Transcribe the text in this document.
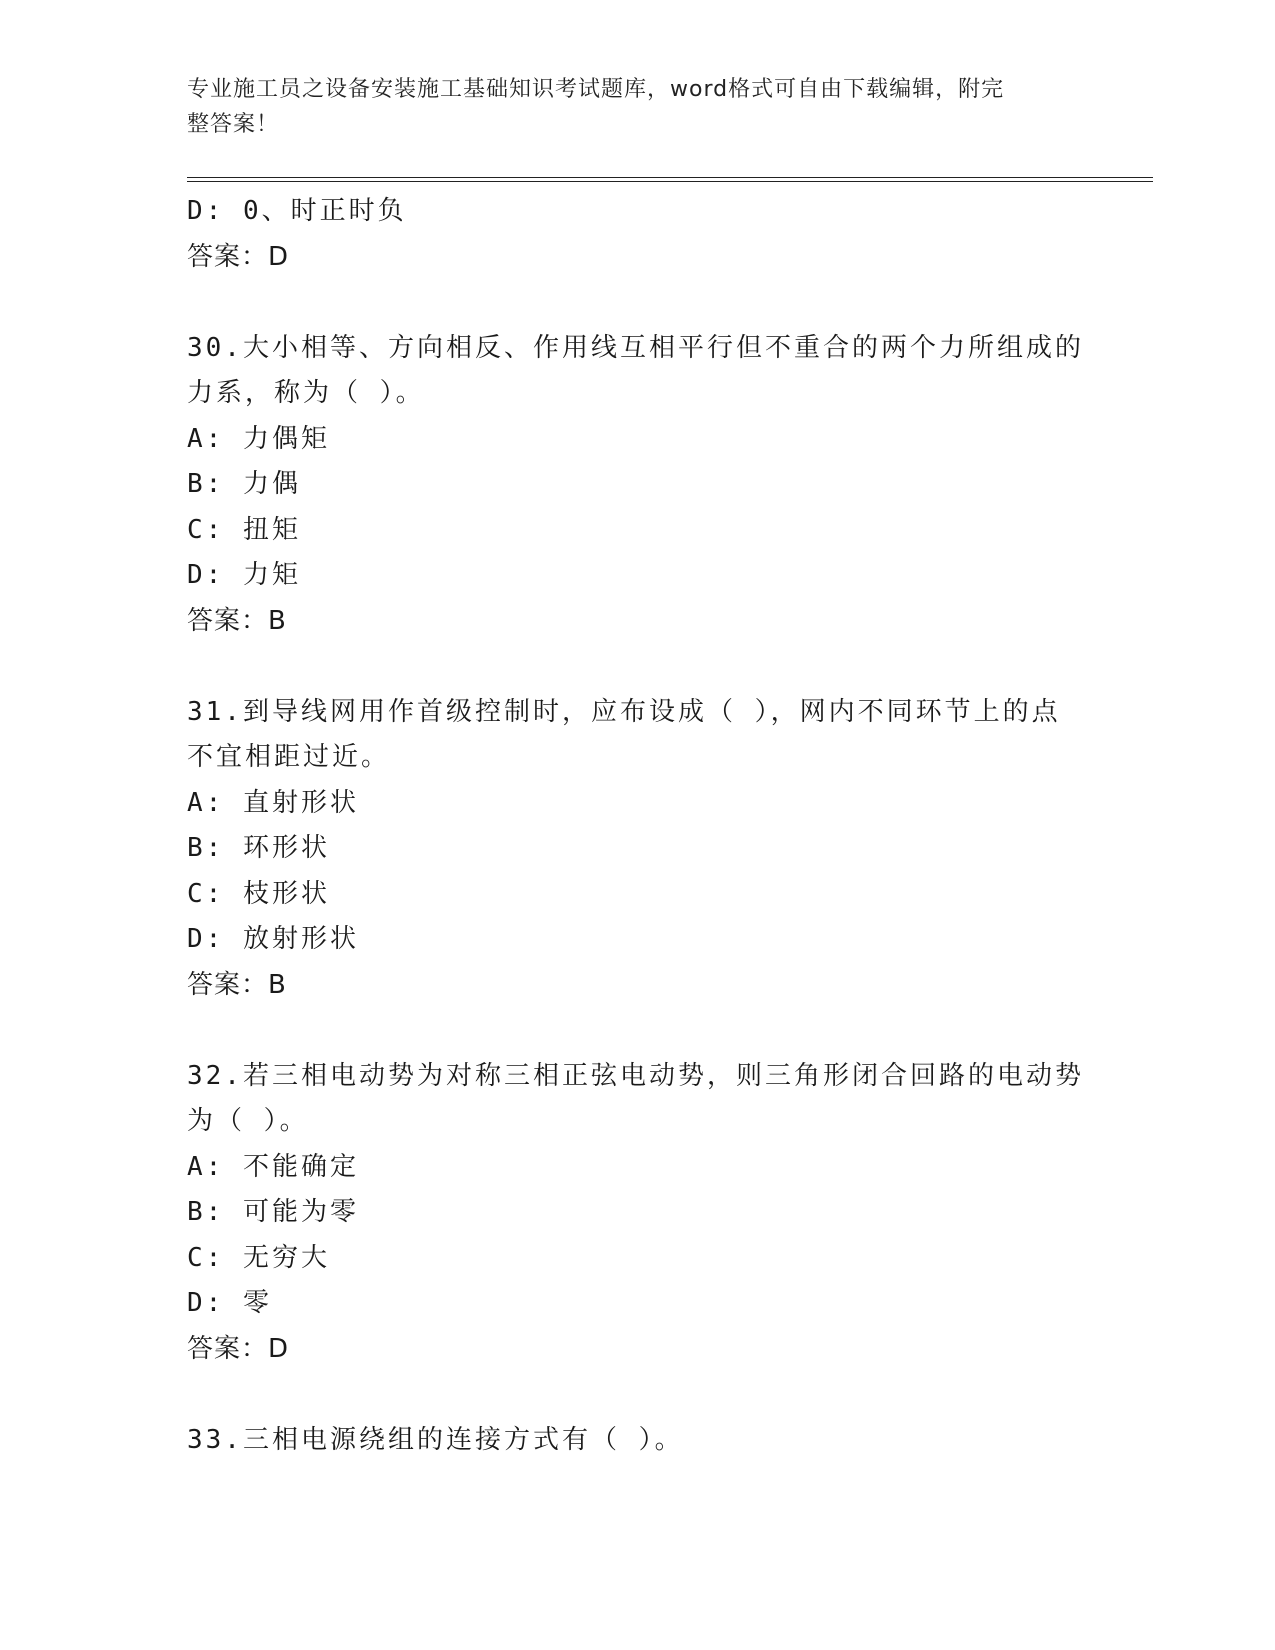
专业施工员之设备安装施工基础知识考试题库，word格式可自由下载编辑，附完
整答案！
D: 0、时正时负
答案：D
30.大小相等、方向相反、作用线互相平行但不重合的两个力所组成的
力系，称为（ ）。
A: 力偶矩
B: 力偶
C: 扭矩
D: 力矩
答案：B
31.到导线网用作首级控制时，应布设成（ ），网内不同环节上的点
不宜相距过近。
A: 直射形状
B: 环形状
C: 枝形状
D: 放射形状
答案：B
32.若三相电动势为对称三相正弦电动势，则三角形闭合回路的电动势
为（ ）。
A: 不能确定
B: 可能为零
C: 无穷大
D: 零
答案：D
33.三相电源绕组的连接方式有（ ）。
